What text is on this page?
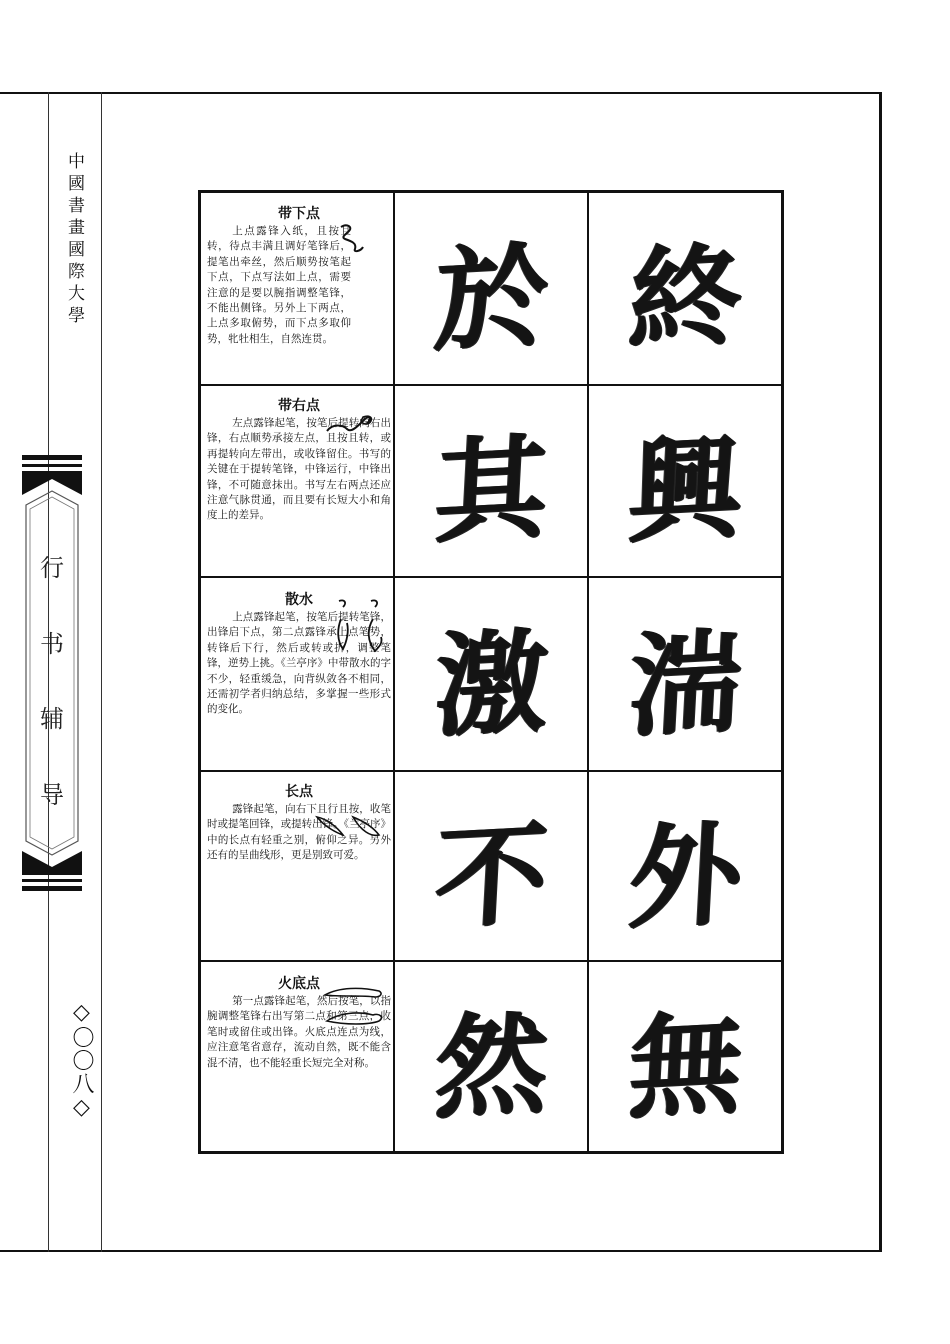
中國書畫國際大學
行
书
辅
导
◇〇〇八◇
带下点
上点露锋入纸，且按且转，待点丰满且调好笔锋后，提笔出牵丝，然后顺势按笔起下点，下点写法如上点，需要注意的是要以腕指调整笔锋，不能出侧锋。另外上下两点，上点多取俯势，而下点多取仰势，牝牡相生，自然连贯。 於 終
带右点
左点露锋起笔，按笔后提转向右出锋，右点顺势承接左点，且按且转，或再提转向左带出，或收锋留住。书写的关键在于提转笔锋，中锋运行，中锋出锋，不可随意抹出。书写左右两点还应注意气脉贯通，而且要有长短大小和角度上的差异。	其 興
散水
上点露锋起笔，按笔后提转笔锋，出锋启下点，第二点露锋承上点笔势，转锋后下行，然后或转或折，调整笔锋，逆势上挑。《兰亭序》中带散水的字不少，轻重缓急，向背纵敛各不相同，还需初学者归纳总结，多掌握一些形式的变化。	激 湍
长点
露锋起笔，向右下且行且按，收笔时或提笔回锋，或提转出锋。《兰亭序》中的长点有轻重之别，俯仰之异。另外还有的呈曲线形，更是别致可爱。 不 外
火底点
第一点露锋起笔，然后按笔，以指腕调整笔锋右出写第二点和第三点，收笔时或留住或出锋。火底点连点为线，应注意笔省意存，流动自然，既不能含混不清，也不能轻重长短完全对称。 然 無
